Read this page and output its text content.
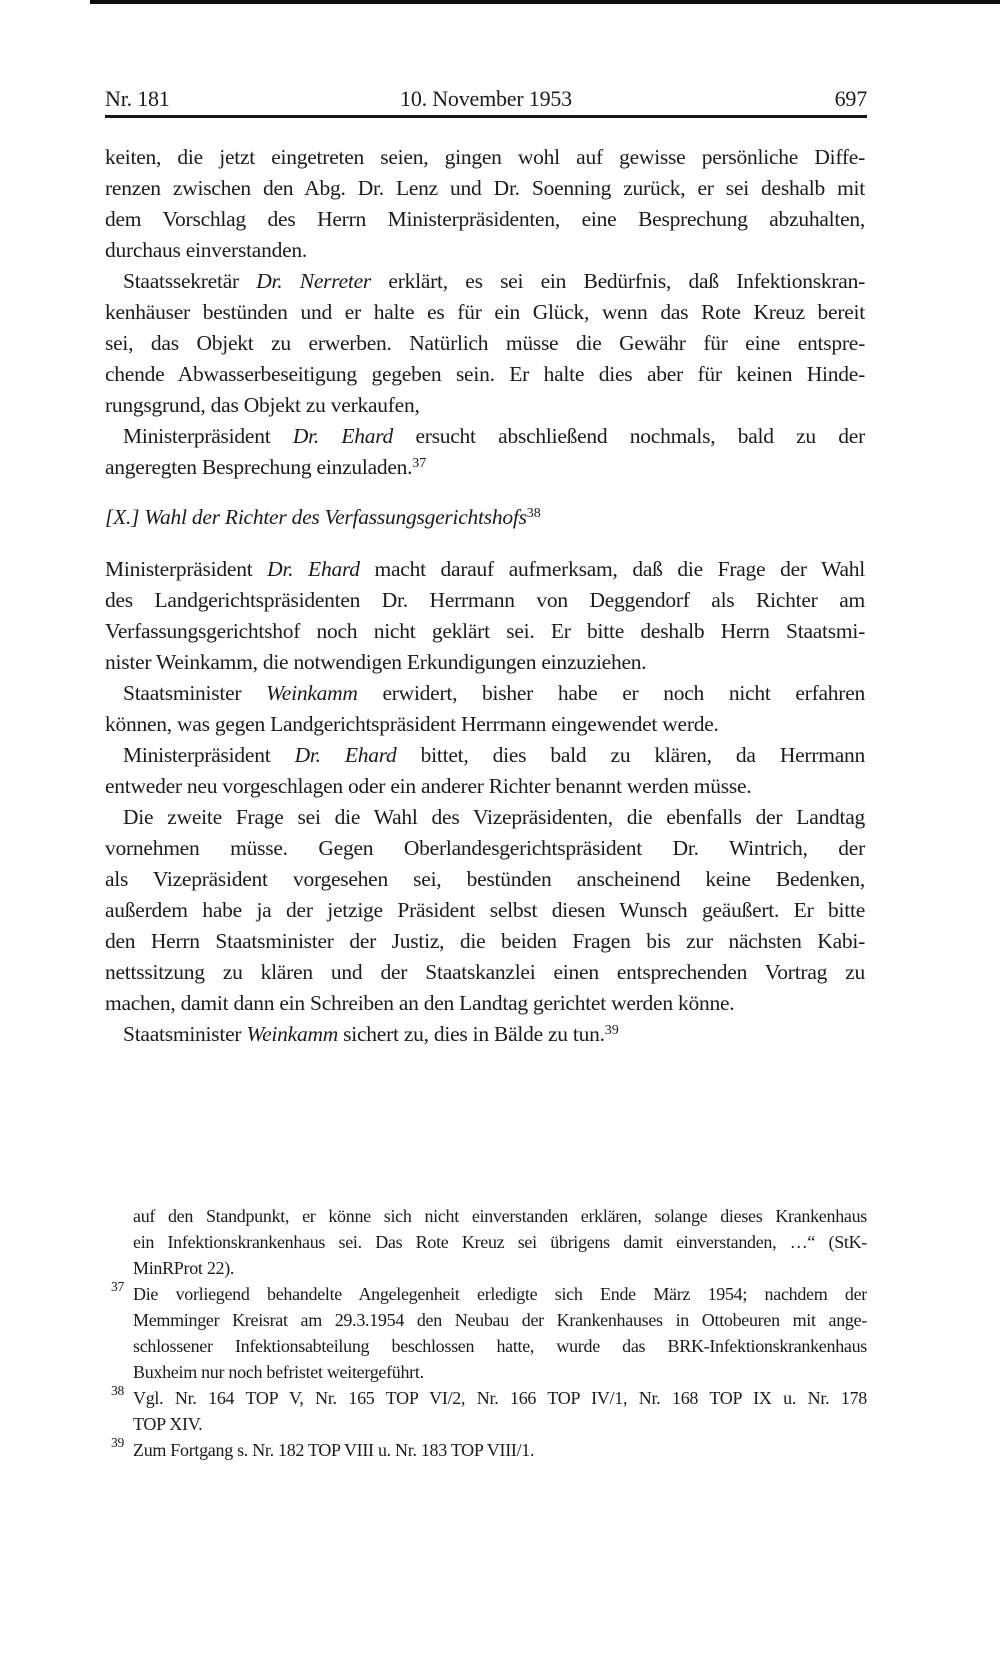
Nr. 181	10. November 1953	697
keiten, die jetzt eingetreten seien, gingen wohl auf gewisse persönliche Diffe-
renzen zwischen den Abg. Dr. Lenz und Dr. Soenning zurück, er sei deshalb mit
dem Vorschlag des Herrn Ministerpräsidenten, eine Besprechung abzuhalten,
durchaus einverstanden.
Staatssekretär Dr. Nerreter erklärt, es sei ein Bedürfnis, daß Infektionskran-
kenhäuser bestünden und er halte es für ein Glück, wenn das Rote Kreuz bereit
sei, das Objekt zu erwerben. Natürlich müsse die Gewähr für eine entspre-
chende Abwasserbeseitigung gegeben sein. Er halte dies aber für keinen Hinde-
rungsgrund, das Objekt zu verkaufen,
Ministerpräsident Dr. Ehard ersucht abschließend nochmals, bald zu der
angeregten Besprechung einzuladen.$^{37}$
[X.] Wahl der Richter des Verfassungsgerichtshofs$^{38}$
Ministerpräsident Dr. Ehard macht darauf aufmerksam, daß die Frage der Wahl
des Landgerichtspräsidenten Dr. Herrmann von Deggendorf als Richter am
Verfassungsgerichtshof noch nicht geklärt sei. Er bitte deshalb Herrn Staatsmi-
nister Weinkamm, die notwendigen Erkundigungen einzuziehen.
Staatsminister Weinkamm erwidert, bisher habe er noch nicht erfahren
können, was gegen Landgerichtspräsident Herrmann eingewendet werde.
Ministerpräsident Dr. Ehard bittet, dies bald zu klären, da Herrmann
entweder neu vorgeschlagen oder ein anderer Richter benannt werden müsse.
Die zweite Frage sei die Wahl des Vizepräsidenten, die ebenfalls der Landtag
vornehmen müsse. Gegen Oberlandesgerichtspräsident Dr. Wintrich, der
als Vizepräsident vorgesehen sei, bestünden anscheinend keine Bedenken,
außerdem habe ja der jetzige Präsident selbst diesen Wunsch geäußert. Er bitte
den Herrn Staatsminister der Justiz, die beiden Fragen bis zur nächsten Kabi-
nettssitzung zu klären und der Staatskanzlei einen entsprechenden Vortrag zu
machen, damit dann ein Schreiben an den Landtag gerichtet werden könne.
Staatsminister Weinkamm sichert zu, dies in Bälde zu tun.$^{39}$
auf den Standpunkt, er könne sich nicht einverstanden erklären, solange dieses Krankenhaus
ein Infektionskrankenhaus sei. Das Rote Kreuz sei übrigens damit einverstanden, …“ (StK-
MinRProt 22).
37 Die vorliegend behandelte Angelegenheit erledigte sich Ende März 1954; nachdem der
Memminger Kreisrat am 29.3.1954 den Neubau der Krankenhauses in Ottobeuren mit ange-
schlossener Infektionsabteilung beschlossen hatte, wurde das BRK-Infektionskrankenhaus
Buxheim nur noch befristet weitergeführt.
38 Vgl. Nr. 164 TOP V, Nr. 165 TOP VI/2, Nr. 166 TOP IV/1, Nr. 168 TOP IX u. Nr. 178
TOP XIV.
39 Zum Fortgang s. Nr. 182 TOP VIII u. Nr. 183 TOP VIII/1.
